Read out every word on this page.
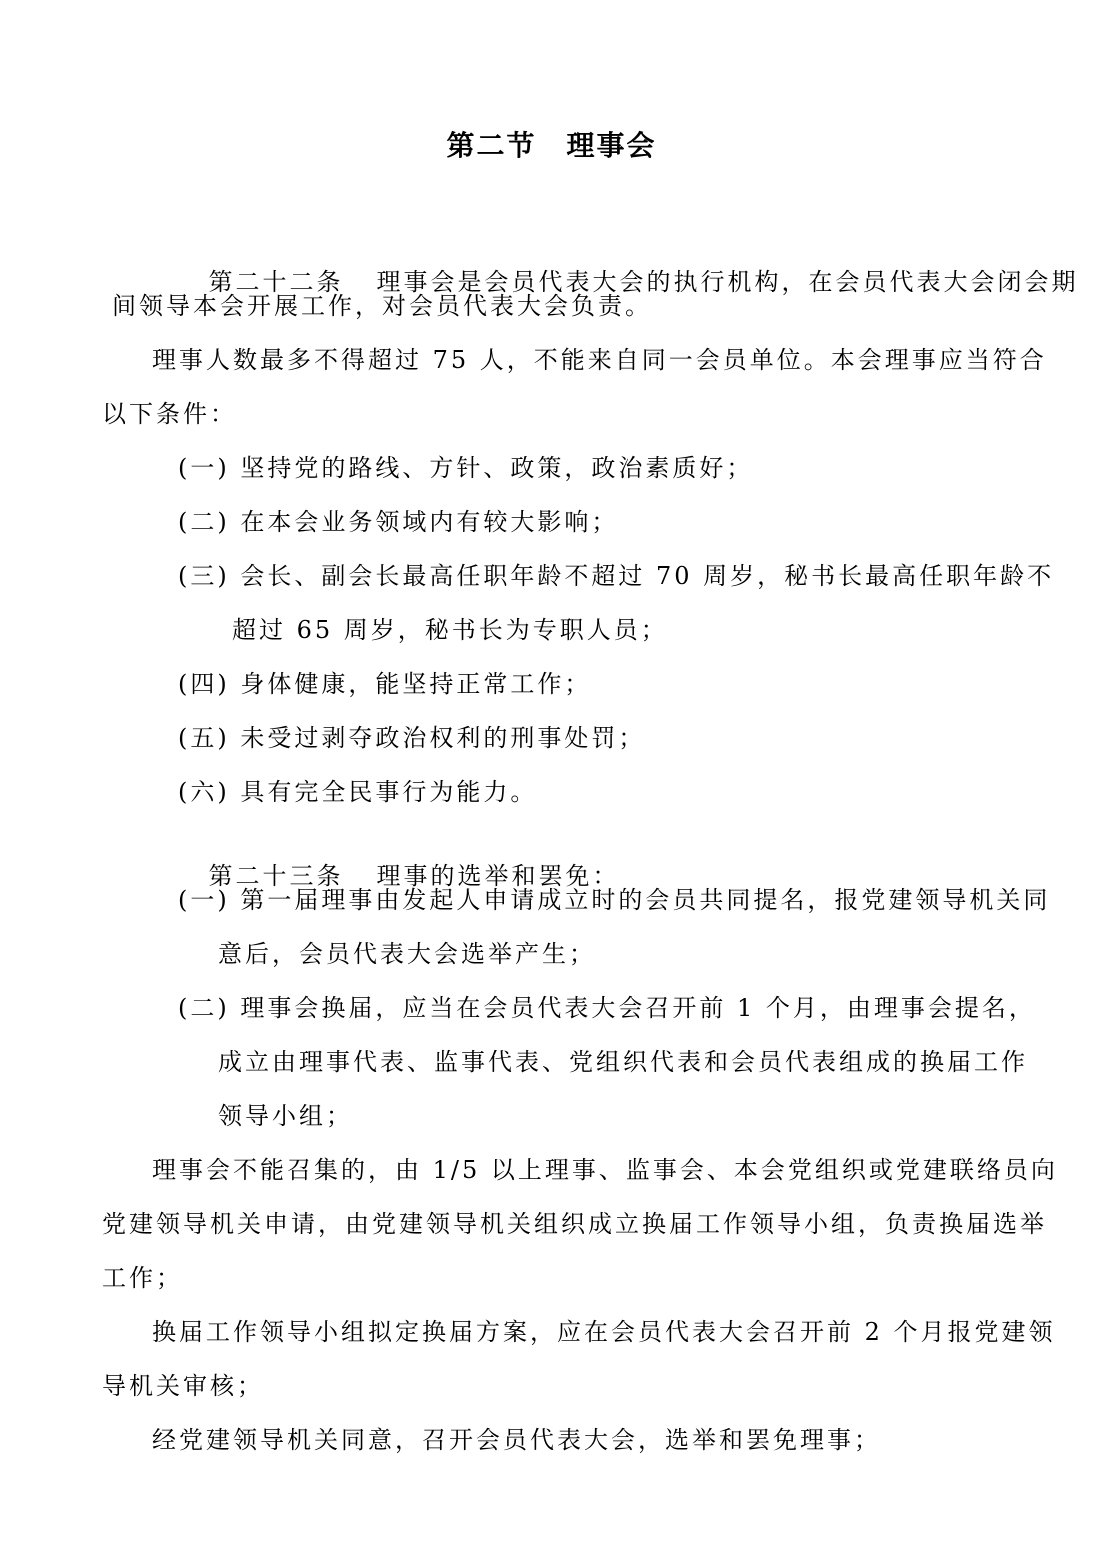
第二节　理事会

第二十二条 理事会是会员代表大会的执行机构，在会员代表大会闭会期

间领导本会开展工作，对会员代表大会负责。
理事人数最多不得超过 75 人，不能来自同一会员单位。本会理事应当符合
以下条件：
(一) 坚持党的路线、方针、政策，政治素质好；
(二) 在本会业务领域内有较大影响；
(三) 会长、副会长最高任职年龄不超过 70 周岁，秘书长最高任职年龄不
超过 65 周岁，秘书长为专职人员；
(四) 身体健康，能坚持正常工作；
(五) 未受过剥夺政治权利的刑事处罚；
(六) 具有完全民事行为能力。

第二十三条 理事的选举和罢免：

(一) 第一届理事由发起人申请成立时的会员共同提名，报党建领导机关同
意后，会员代表大会选举产生；
(二) 理事会换届，应当在会员代表大会召开前 1 个月，由理事会提名，
成立由理事代表、监事代表、党组织代表和会员代表组成的换届工作
领导小组；
理事会不能召集的，由 1/5 以上理事、监事会、本会党组织或党建联络员向
党建领导机关申请，由党建领导机关组织成立换届工作领导小组，负责换届选举
工作；
换届工作领导小组拟定换届方案，应在会员代表大会召开前 2 个月报党建领
导机关审核；
经党建领导机关同意，召开会员代表大会，选举和罢免理事；
